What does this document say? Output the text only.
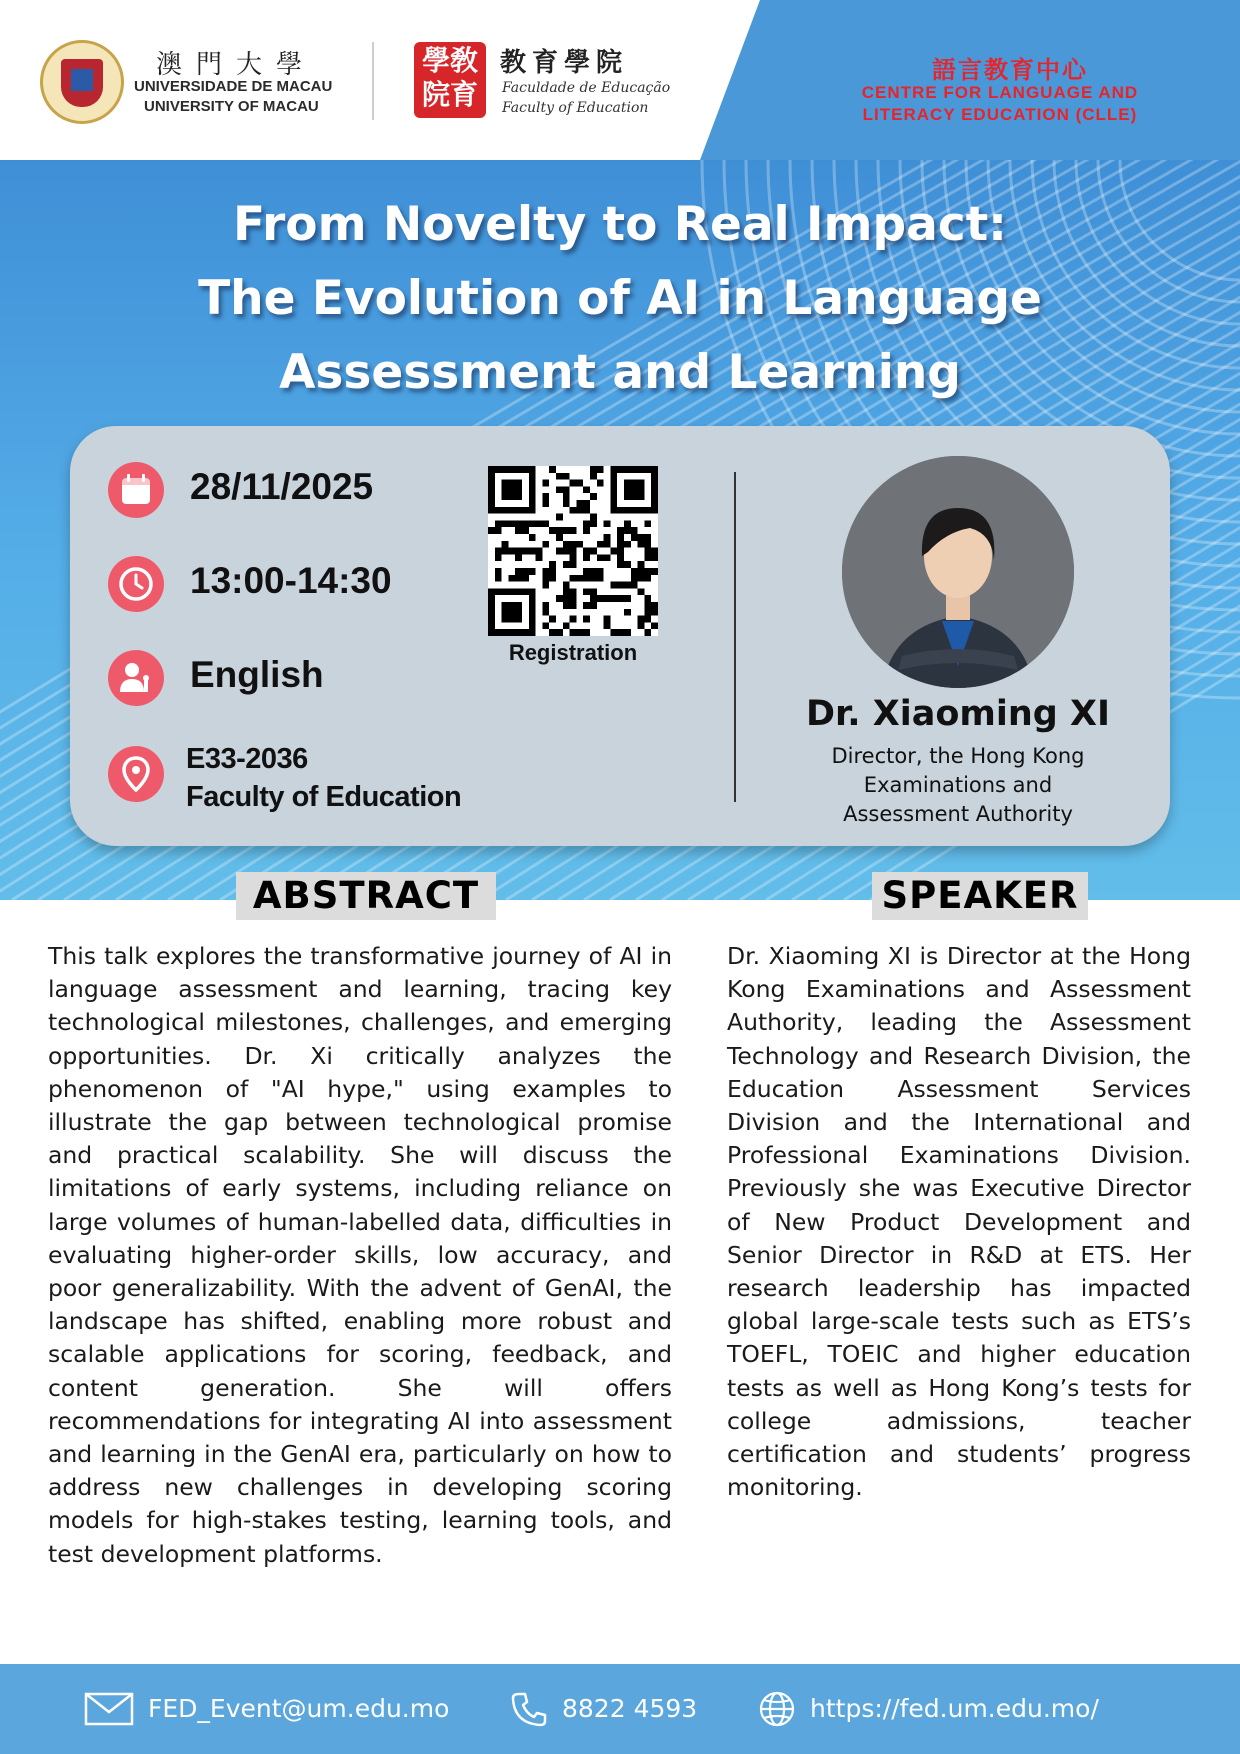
澳門大學
UNIVERSIDADE DE MACAU
UNIVERSITY OF MACAU
學敎
院育
教育學院
Faculdade de Educação
Faculty of Education
語言教育中心
CENTRE FOR LANGUAGE AND
LITERACY EDUCATION (CLLE)
From Novelty to Real Impact:
The Evolution of AI in Language
Assessment and Learning
28/11/2025
13:00-14:30
English
E33-2036
Faculty of Education
Registration
Dr. Xiaoming XI
Director, the Hong Kong
Examinations and
Assessment Authority
ABSTRACT	SPEAKER
This talk explores the transformative journey of AI in language assessment and learning, tracing key technological milestones, challenges, and emerging opportunities. Dr. Xi critically analyzes the phenomenon of "AI hype," using examples to illustrate the gap between technological promise and practical scalability. She will discuss the limitations of early systems, including reliance on large volumes of human-labelled data, difficulties in evaluating higher-order skills, low accuracy, and poor generalizability. With the advent of GenAI, the landscape has shifted, enabling more robust and scalable applications for scoring, feedback, and content generation. She will offers recommendations for integrating AI into assessment and learning in the GenAI era, particularly on how to address new challenges in developing scoring models for high-stakes testing, learning tools, and test development platforms.
Dr. Xiaoming XI is Director at the Hong Kong Examinations and Assessment Authority, leading the Assessment Technology and Research Division, the Education Assessment Services Division and the International and Professional Examinations Division. Previously she was Executive Director of New Product Development and Senior Director in R&D at ETS. Her research leadership has impacted global large-scale tests such as ETS’s TOEFL, TOEIC and higher education tests as well as Hong Kong’s tests for college admissions, teacher certification and students’ progress monitoring.
FED_Event@um.edu.mo	8822 4593	https://fed.um.edu.mo/
